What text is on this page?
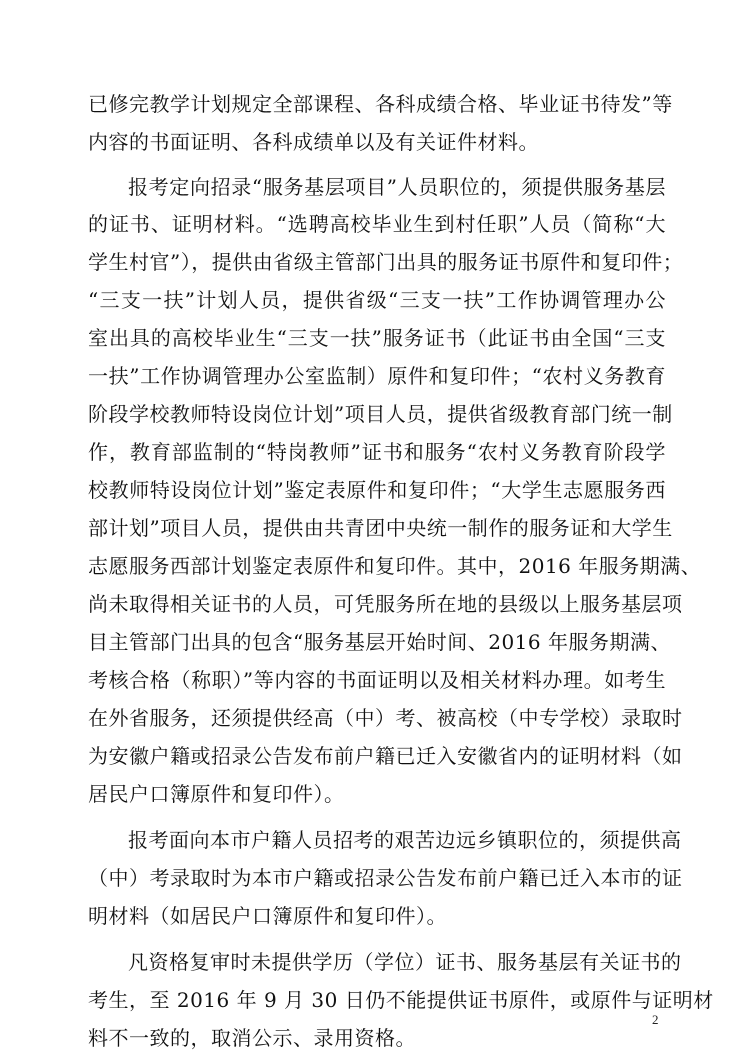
已修完教学计划规定全部课程、各科成绩合格、毕业证书待发”等
内容的书面证明、各科成绩单以及有关证件材料。
报考定向招录“服务基层项目”人员职位的，须提供服务基层
的证书、证明材料。“选聘高校毕业生到村任职”人员（简称“大
学生村官”），提供由省级主管部门出具的服务证书原件和复印件；
“三支一扶”计划人员，提供省级“三支一扶”工作协调管理办公
室出具的高校毕业生“三支一扶”服务证书（此证书由全国“三支
一扶”工作协调管理办公室监制）原件和复印件；“农村义务教育
阶段学校教师特设岗位计划”项目人员，提供省级教育部门统一制
作，教育部监制的“特岗教师”证书和服务“农村义务教育阶段学
校教师特设岗位计划”鉴定表原件和复印件；“大学生志愿服务西
部计划”项目人员，提供由共青团中央统一制作的服务证和大学生
志愿服务西部计划鉴定表原件和复印件。其中，2016 年服务期满、
尚未取得相关证书的人员，可凭服务所在地的县级以上服务基层项
目主管部门出具的包含“服务基层开始时间、2016 年服务期满、
考核合格（称职）”等内容的书面证明以及相关材料办理。如考生
在外省服务，还须提供经高（中）考、被高校（中专学校）录取时
为安徽户籍或招录公告发布前户籍已迁入安徽省内的证明材料（如
居民户口簿原件和复印件）。
报考面向本市户籍人员招考的艰苦边远乡镇职位的，须提供高
（中）考录取时为本市户籍或招录公告发布前户籍已迁入本市的证
明材料（如居民户口簿原件和复印件）。
凡资格复审时未提供学历（学位）证书、服务基层有关证书的
考生，至 2016 年 9 月 30 日仍不能提供证书原件，或原件与证明材
料不一致的，取消公示、录用资格。
2
